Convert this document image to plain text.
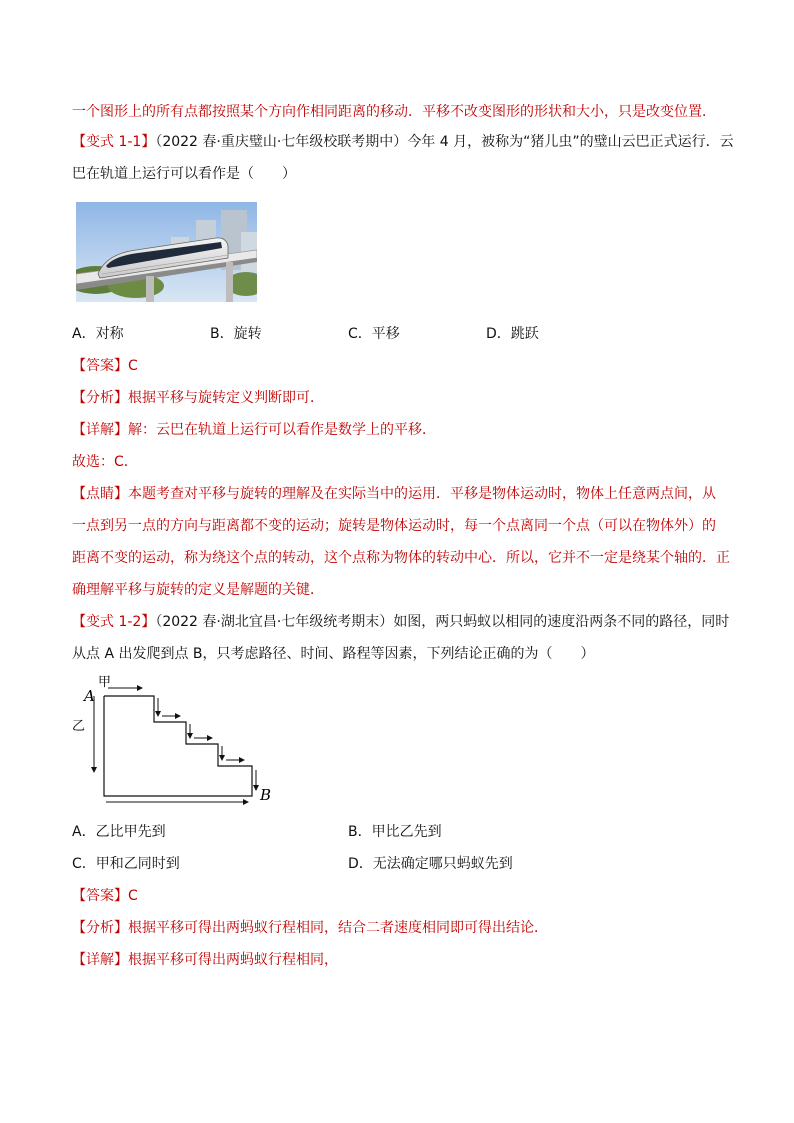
一个图形上的所有点都按照某个方向作相同距离的移动．平移不改变图形的形状和大小，只是改变位置．
【变式 1-1】（2022 春·重庆璧山·七年级校联考期中）今年 4 月，被称为“猪儿虫”的璧山云巴正式运行．云
巴在轨道上运行可以看作是（　　）
A．对称	B．旋转	C．平移	D．跳跃
【答案】C
【分析】根据平移与旋转定义判断即可．
【详解】解：云巴在轨道上运行可以看作是数学上的平移．
故选：C．
【点睛】本题考查对平移与旋转的理解及在实际当中的运用．平移是物体运动时，物体上任意两点间，从
一点到另一点的方向与距离都不变的运动；旋转是物体运动时，每一个点离同一个点（可以在物体外）的
距离不变的运动，称为绕这个点的转动，这个点称为物体的转动中心．所以，它并不一定是绕某个轴的．正
确理解平移与旋转的定义是解题的关键．
【变式 1-2】（2022 春·湖北宜昌·七年级统考期末）如图，两只蚂蚁以相同的速度沿两条不同的路径，同时
从点 A 出发爬到点 B，只考虑路径、时间、路程等因素，下列结论正确的为（　　）
A
甲
乙
B
A．乙比甲先到	B．甲比乙先到
C．甲和乙同时到	D．无法确定哪只蚂蚁先到
【答案】C
【分析】根据平移可得出两蚂蚁行程相同，结合二者速度相同即可得出结论．
【详解】根据平移可得出两蚂蚁行程相同，
